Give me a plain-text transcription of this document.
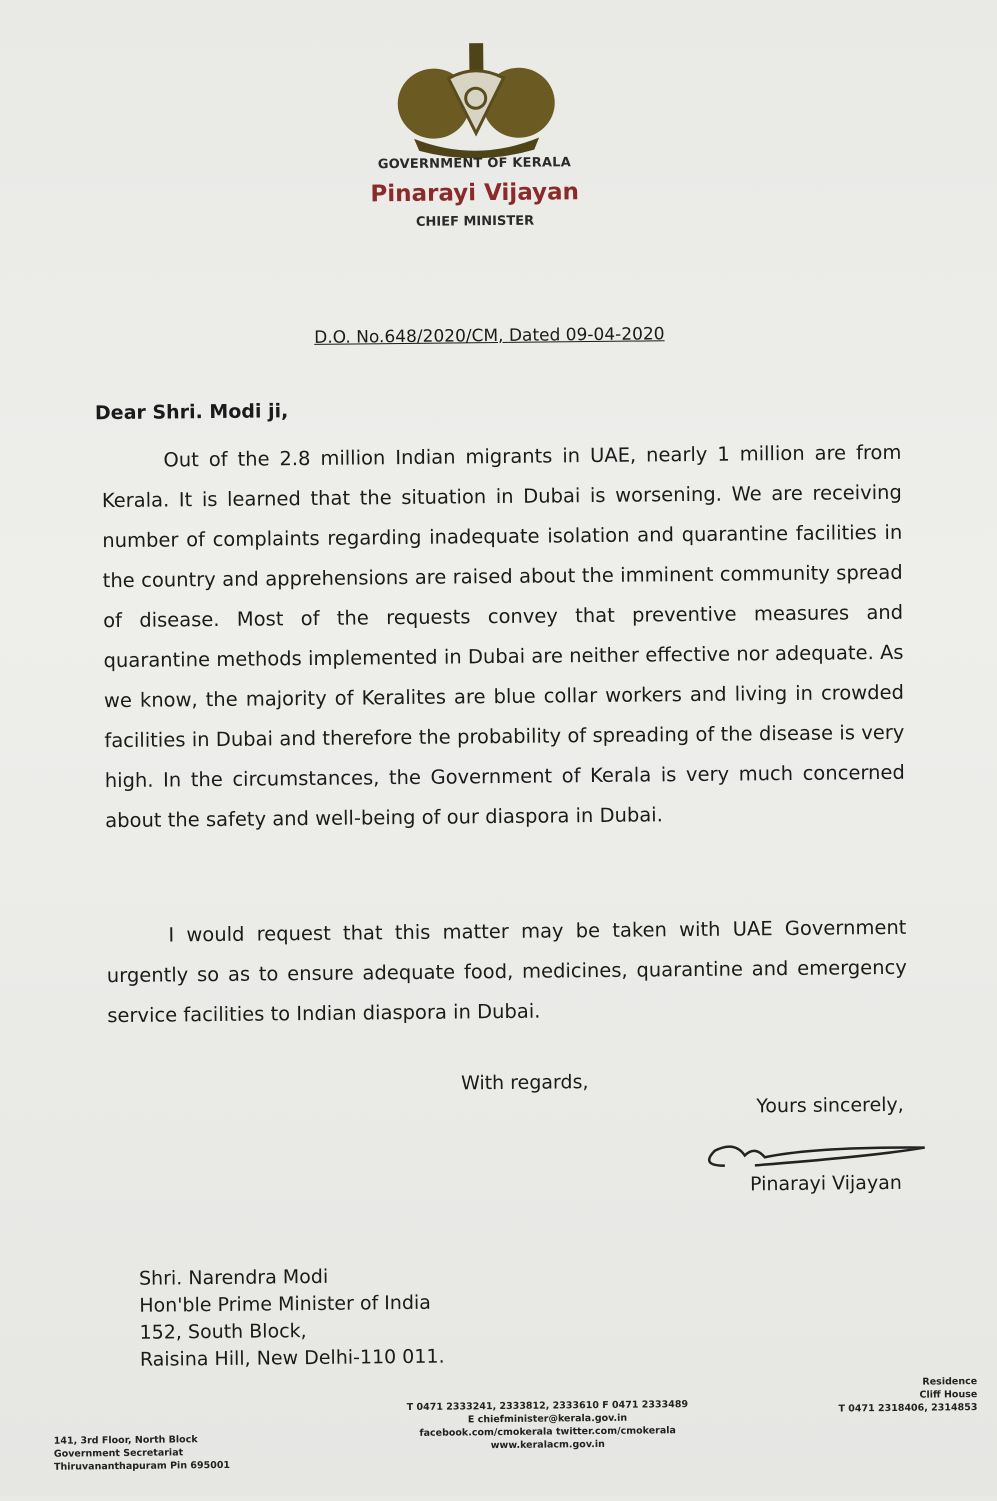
GOVERNMENT OF KERALA
Pinarayi Vijayan
CHIEF MINISTER
D.O. No.648/2020/CM, Dated 09-04-2020
Dear Shri. Modi ji,
Out of the 2.8 million Indian migrants in UAE, nearly 1 million are from Kerala. It is learned that the situation in Dubai is worsening. We are receiving number of complaints regarding inadequate isolation and quarantine facilities in the country and apprehensions are raised about the imminent community spread of disease. Most of the requests convey that preventive measures and quarantine methods implemented in Dubai are neither effective nor adequate. As we know, the majority of Keralites are blue collar workers and living in crowded facilities in Dubai and therefore the probability of spreading of the disease is very high. In the circumstances, the Government of Kerala is very much concerned about the safety and well-being of our diaspora in Dubai.
I would request that this matter may be taken with UAE Government urgently so as to ensure adequate food, medicines, quarantine and emergency service facilities to Indian diaspora in Dubai.
With regards,
Yours sincerely,
Pinarayi Vijayan
Shri. Narendra Modi
Hon'ble Prime Minister of India
152, South Block,
Raisina Hill, New Delhi-110 011.
141, 3rd Floor, North Block
Government Secretariat
Thiruvananthapuram Pin 695001
T 0471 2333241, 2333812, 2333610 F 0471 2333489
E chiefminister@kerala.gov.in
facebook.com/cmokerala twitter.com/cmokerala
www.keralacm.gov.in
Residence
Cliff House
T 0471 2318406, 2314853
